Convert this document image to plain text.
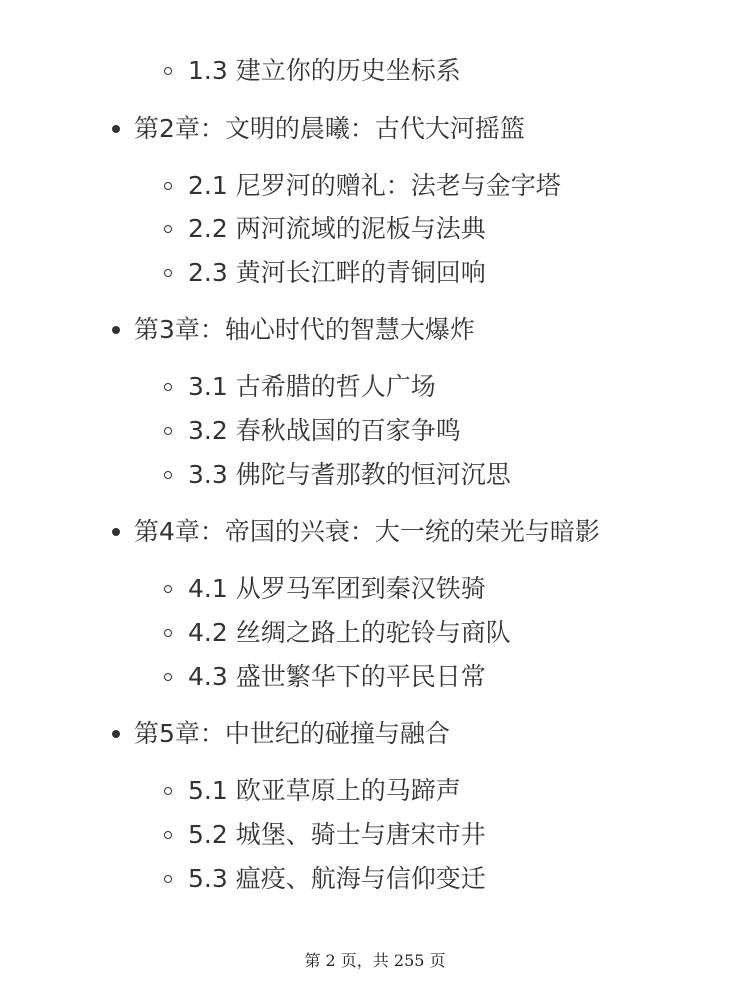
1.3 建立你的历史坐标系
第2章：文明的晨曦：古代大河摇篮
2.1 尼罗河的赠礼：法老与金字塔
2.2 两河流域的泥板与法典
2.3 黄河长江畔的青铜回响
第3章：轴心时代的智慧大爆炸
3.1 古希腊的哲人广场
3.2 春秋战国的百家争鸣
3.3 佛陀与耆那教的恒河沉思
第4章：帝国的兴衰：大一统的荣光与暗影
4.1 从罗马军团到秦汉铁骑
4.2 丝绸之路上的驼铃与商队
4.3 盛世繁华下的平民日常
第5章：中世纪的碰撞与融合
5.1 欧亚草原上的马蹄声
5.2 城堡、骑士与唐宋市井
5.3 瘟疫、航海与信仰变迁
第 2 页，共 255 页
